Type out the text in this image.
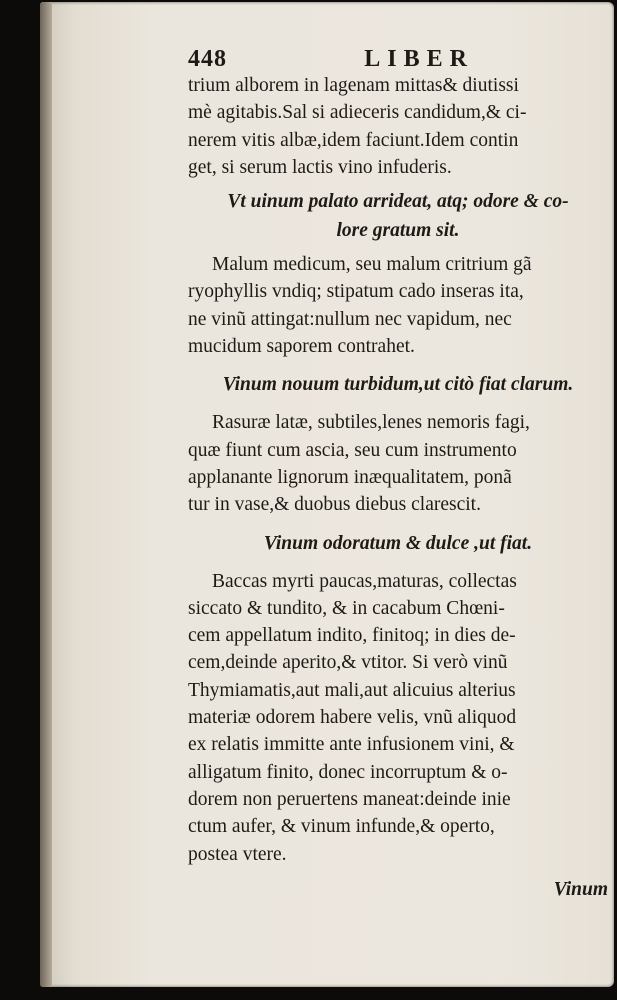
448	LIBER
trium alborem in lagenam mittas& diutissi
mè agitabis.Sal si adieceris candidum,& ci-
nerem vitis albæ,idem faciunt.Idem contin
get, si serum lactis vino infuderis.
Vt uinum palato arrideat, atq; odore & co-
lore gratum sit.
Malum medicum, seu malum critrium gã
ryophyllis vndiq; stipatum cado inseras ita,
ne vinũ attingat:nullum nec vapidum, nec
mucidum saporem contrahet.
Vinum nouum turbidum,ut citò fiat clarum.
Rasuræ latæ, subtiles,lenes nemoris fagi,
quæ fiunt cum ascia, seu cum instrumento
applanante lignorum inæqualitatem, ponã
tur in vase,& duobus diebus clarescit.
Vinum odoratum & dulce ,ut fiat.
Baccas myrti paucas,maturas, collectas
siccato & tundito, & in cacabum Chœni-
cem appellatum indito, finitoq; in dies de-
cem,deinde aperito,& vtitor. Si verò vinũ
Thymiamatis,aut mali,aut alicuius alterius
materiæ odorem habere velis, vnũ aliquod
ex relatis immitte ante infusionem vini, &
alligatum finito, donec incorruptum & o-
dorem non peruertens maneat:deinde inie
ctum aufer, & vinum infunde,& operto,
postea vtere.
Vinum
